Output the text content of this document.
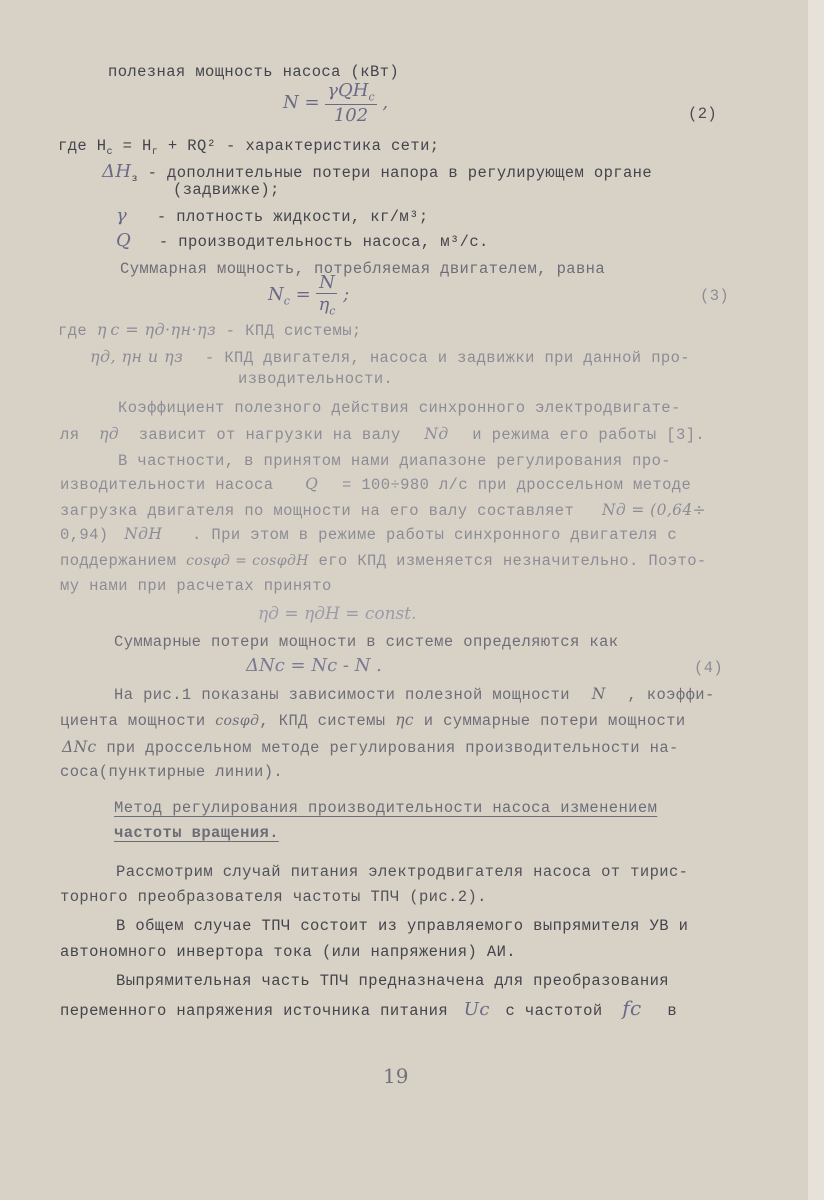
полезная мощность насоса (кВт)
$N = \frac{\gamma QH_c}{102}$ ,
(2)
где $H_c = H_г + RQ^2$ - характеристика сети;
$\Delta H_з$ - дополнительные потери напора в регулирующем органе
(задвижке);
γ - плотность жидкости, кг/м³;
Q - производительность насоса, м³/с.
Суммарная мощность, потребляемая двигателем, равна
$N_c = \frac{N}{\eta_c}$ ;	(3)
где η c = ηд·ηн·ηз - КПД системы;
ηд, ηн и ηз - КПД двигателя, насоса и задвижки при данной про-
изводительности.
Коэффициент полезного действия синхронного электродвигате-
ля ηд зависит от нагрузки на валу Nд и режима его работы [3].
В частности, в принятом нами диапазоне регулирования про-
изводительности насоса Q = 100÷980 л/с при дроссельном методе
загрузка двигателя по мощности на его валу составляет Nд = (0,64÷
0,94) NдH . При этом в режиме работы синхронного двигателя с
поддержанием cosφд = cosφдH его КПД изменяется незначительно. Поэто-
му нами при расчетах принято
ηд = ηдH = const.
Суммарные потери мощности в системе определяются как
ΔNc = Nc - N .	(4)
На рис.1 показаны зависимости полезной мощности N , коэффи-
циента мощности cosφд, КПД системы ηс и суммарные потери мощности
ΔNc при дроссельном методе регулирования производительности на-
соса(пунктирные линии).
Метод регулирования производительности насоса изменением
частоты вращения.
Рассмотрим случай питания электродвигателя насоса от тирис-
торного преобразователя частоты ТПЧ (рис.2).
В общем случае ТПЧ состоит из управляемого выпрямителя УВ и
автономного инвертора тока (или напряжения) АИ.
Выпрямительная часть ТПЧ предназначена для преобразования
переменного напряжения источника питания Uc с частотой fc в
19
